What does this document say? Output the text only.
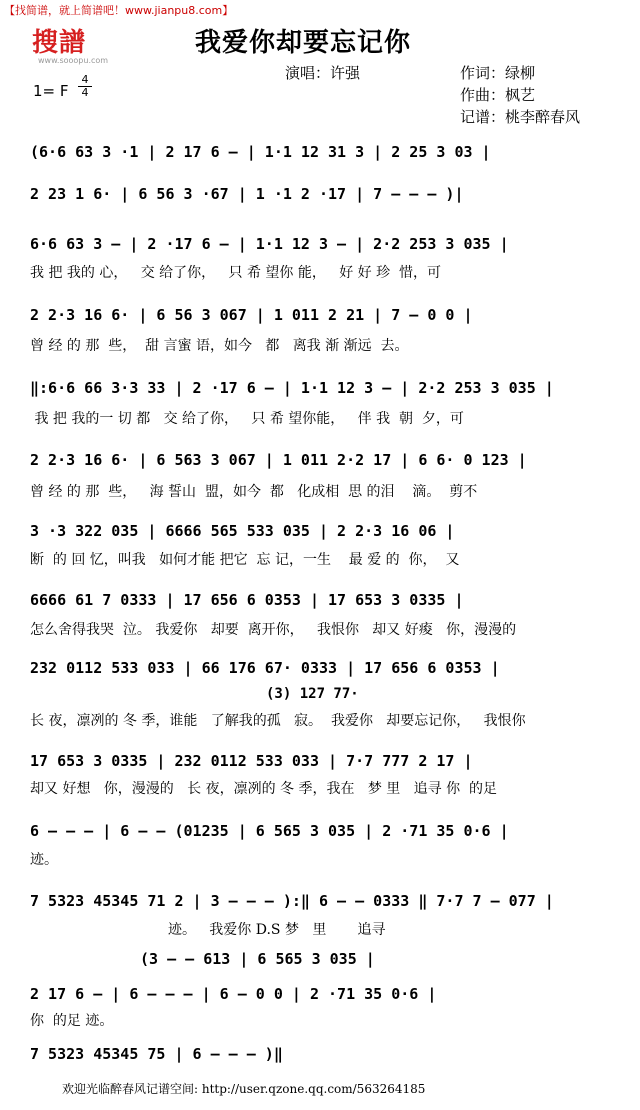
【找简谱，就上简谱吧！www.jianpu8.com】
搜譜
www.sooopu.com
我爱你却要忘记你
1= F
4
4
演唱：许强	作词：绿柳
作曲：枫艺
记谱：桃李醉春风
(6·6 63 3 ·1 | 2 17 6 – | 1·1 12 31 3 | 2 25 3 03 |
2 23 1 6· | 6 56 3 ·67 | 1 ·1 2 ·17 | 7 – – – )|
6·6 63 3 – | 2 ·17 6 – | 1·1 12 3 – | 2·2 253 3 035 |
我 把 我的 心，   交 给了你，   只 希 望你 能，   好 好 珍  惜，可
2 2·3 16 6· | 6 56 3 067 | 1 011 2 21 | 7 – 0 0 |
曾 经 的 那  些，  甜 言蜜 语，如今   都   离我 渐 渐远  去。
‖:6·6 66 3·3 33 | 2 ·17 6 – | 1·1 12 3 – | 2·2 253 3 035 |
我 把 我的一 切 都   交 给了你，   只 希 望你能，   伴 我  朝  夕，可
2 2·3 16 6· | 6 563 3 067 | 1 011 2·2 17 | 6 6· 0 123 |
曾 经 的 那  些，   海 誓山  盟，如今  都   化成相  思 的泪    滴。  剪不
3 ·3 322 035 | 6666 565 533 035 | 2 2·3 16 06 |
断  的 回 忆，叫我   如何才能 把它  忘 记，一生    最 爱 的  你，  又
6666 61 7 0333 | 17 656 6 0353 | 17 653 3 0335 |
怎么舍得我哭  泣。 我爱你   却要  离开你，   我恨你   却又 好痠   你，漫漫的
232 0112 533 033 | 66 176 67· 0333 | 17 656 6 0353 |
(3) 127 77·
长 夜，凛冽的 冬 季，谁能   了解我的孤   寂。  我爱你   却要忘记你，   我恨你
17 653 3 0335 | 232 0112 533 033 | 7·7 777 2 17 |
却又 好想   你，漫漫的   长 夜，凛冽的 冬 季，我在   梦 里   追寻 你  的足
6 – – – | 6 – – (01235 | 6 565 3 035 | 2 ·71 35 0·6 |
迹。
7 5323 45345 71 2 | 3 – – – ):‖ 6 – – 0333 ‖ 7·7 7 – 077 |
迹。   我爱你 D.S 梦   里       追寻
(3 – – 613 | 6 565 3 035 |
2 17 6 – | 6 – – – | 6 – 0 0 | 2 ·71 35 0·6 |
你  的足 迹。
7 5323 45345 75 | 6 – – – )‖
欢迎光临醉春风记谱空间: http://user.qzone.qq.com/563264185
